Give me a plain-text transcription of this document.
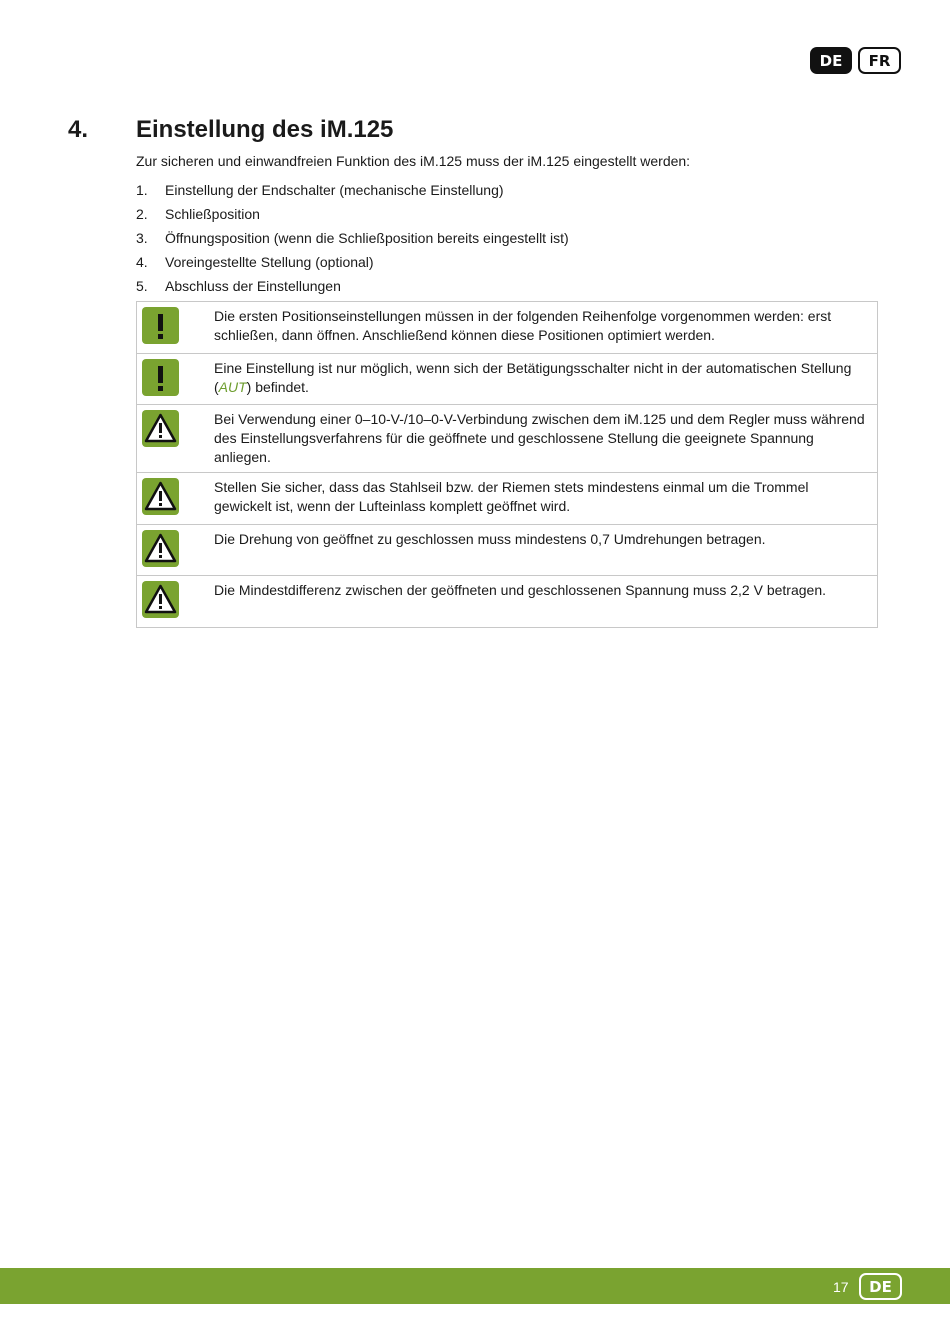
DE	FR
4. Einstellung des iM.125
Zur sicheren und einwandfreien Funktion des iM.125 muss der iM.125 eingestellt werden:
1.	Einstellung der Endschalter (mechanische Einstellung)
2.	Schließposition
3.	Öffnungsposition (wenn die Schließposition bereits eingestellt ist)
4.	Voreingestellte Stellung (optional)
5.	Abschluss der Einstellungen
Die ersten Positionseinstellungen müssen in der folgenden Reihenfolge vorgenommen werden: erst schließen, dann öffnen. Anschließend können diese Positionen optimiert werden.
Eine Einstellung ist nur möglich, wenn sich der Betätigungsschalter nicht in der automatischen Stellung (AUT) befindet.
Bei Verwendung einer 0–10-V-/10–0-V-Verbindung zwischen dem iM.125 und dem Regler muss während des Einstellungsverfahrens für die geöffnete und geschlossene Stellung die geeignete Spannung anliegen.
Stellen Sie sicher, dass das Stahlseil bzw. der Riemen stets mindestens einmal um die Trommel gewickelt ist, wenn der Lufteinlass komplett geöffnet wird.
Die Drehung von geöffnet zu geschlossen muss mindestens 0,7 Umdrehungen betragen.
Die Mindestdifferenz zwischen der geöffneten und geschlossenen Spannung muss 2,2 V betragen.
17	DE
